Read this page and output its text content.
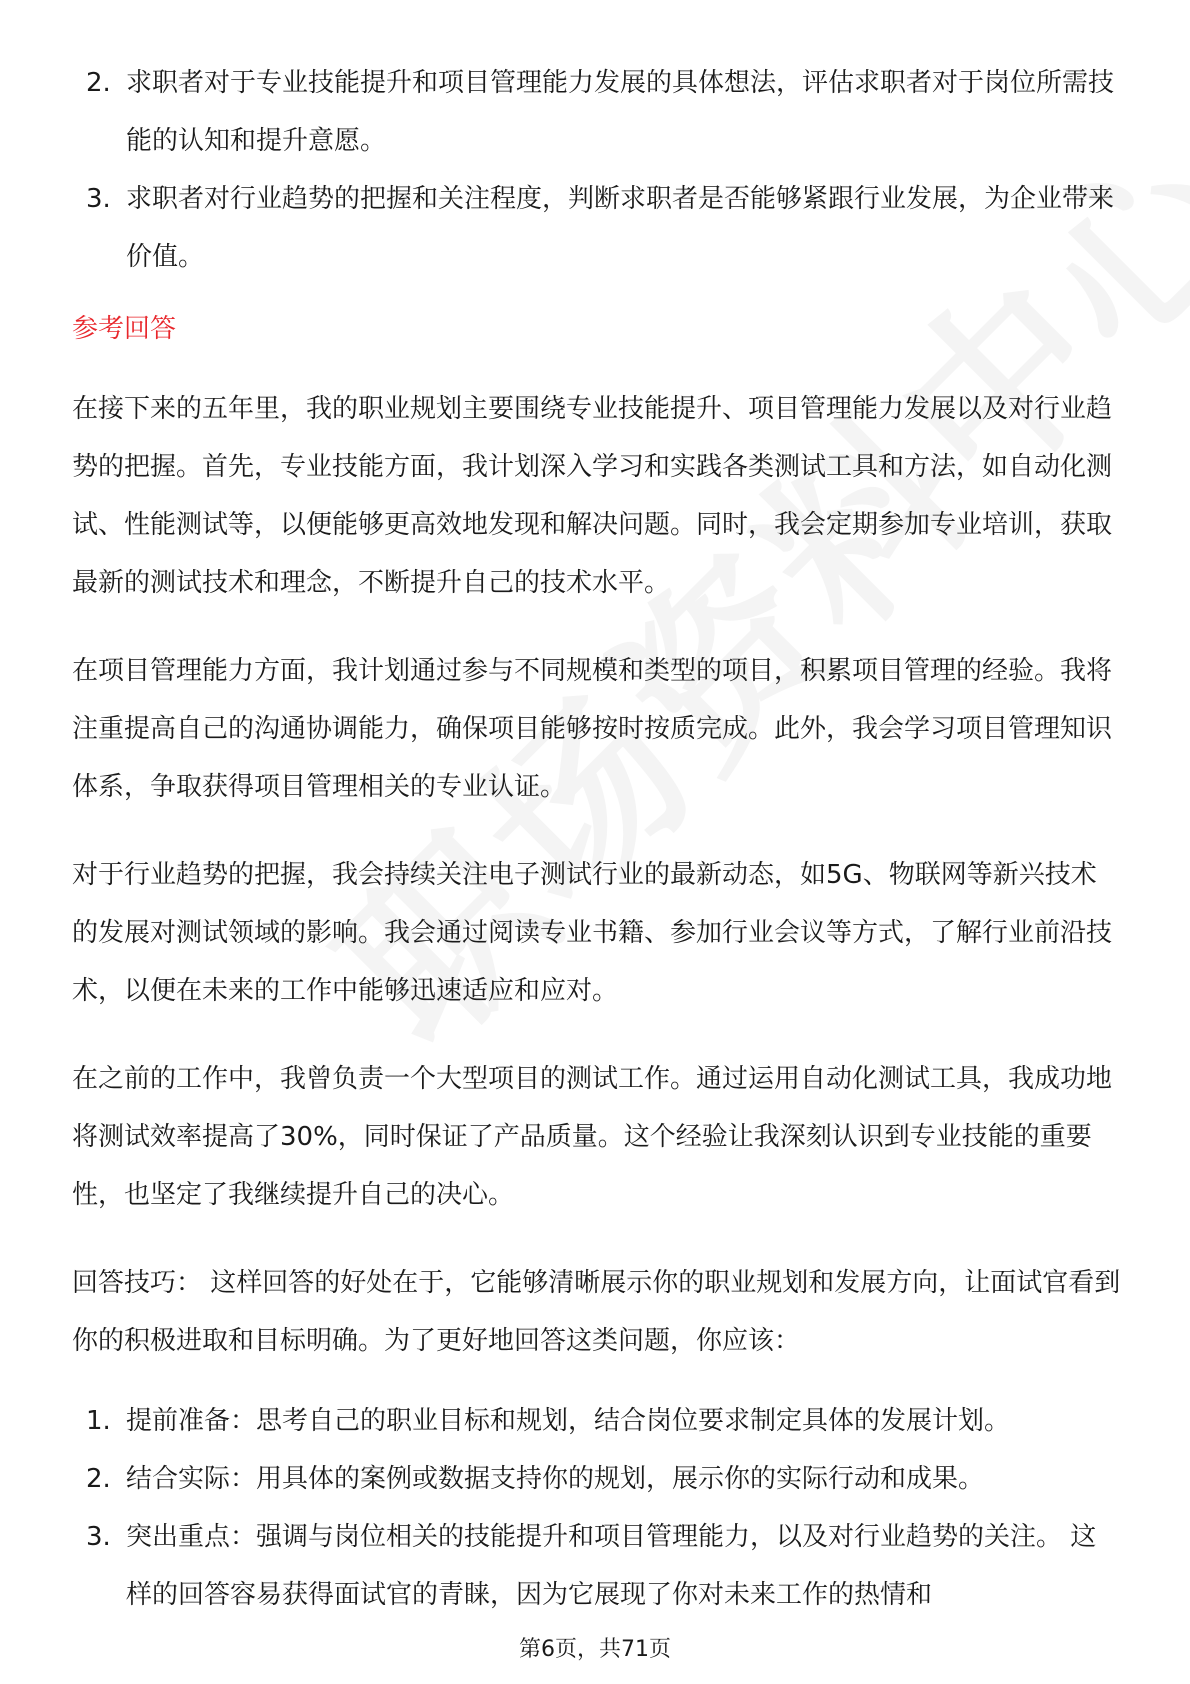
2. 求职者对于专业技能提升和项目管理能力发展的具体想法，评估求职者对于岗位所需技能的认知和提升意愿。
3. 求职者对行业趋势的把握和关注程度，判断求职者是否能够紧跟行业发展，为企业带来价值。
参考回答

在接下来的五年里，我的职业规划主要围绕专业技能提升、项目管理能力发展以及对行业趋势的把握。首先，专业技能方面，我计划深入学习和实践各类测试工具和方法，如自动化测试、性能测试等，以便能够更高效地发现和解决问题。同时，我会定期参加专业培训，获取最新的测试技术和理念，不断提升自己的技术水平。

在项目管理能力方面，我计划通过参与不同规模和类型的项目，积累项目管理的经验。我将注重提高自己的沟通协调能力，确保项目能够按时按质完成。此外，我会学习项目管理知识体系，争取获得项目管理相关的专业认证。

对于行业趋势的把握，我会持续关注电子测试行业的最新动态，如5G、物联网等新兴技术的发展对测试领域的影响。我会通过阅读专业书籍、参加行业会议等方式，了解行业前沿技术，以便在未来的工作中能够迅速适应和应对。

在之前的工作中，我曾负责一个大型项目的测试工作。通过运用自动化测试工具，我成功地将测试效率提高了30%，同时保证了产品质量。这个经验让我深刻认识到专业技能的重要性，也坚定了我继续提升自己的决心。

回答技巧： 这样回答的好处在于，它能够清晰展示你的职业规划和发展方向，让面试官看到你的积极进取和目标明确。为了更好地回答这类问题，你应该：

1. 提前准备：思考自己的职业目标和规划，结合岗位要求制定具体的发展计划。
2. 结合实际：用具体的案例或数据支持你的规划，展示你的实际行动和成果。
3. 突出重点：强调与岗位相关的技能提升和项目管理能力，以及对行业趋势的关注。 这样的回答容易获得面试官的青睐，因为它展现了你对未来工作的热情和
第6页，共71页
